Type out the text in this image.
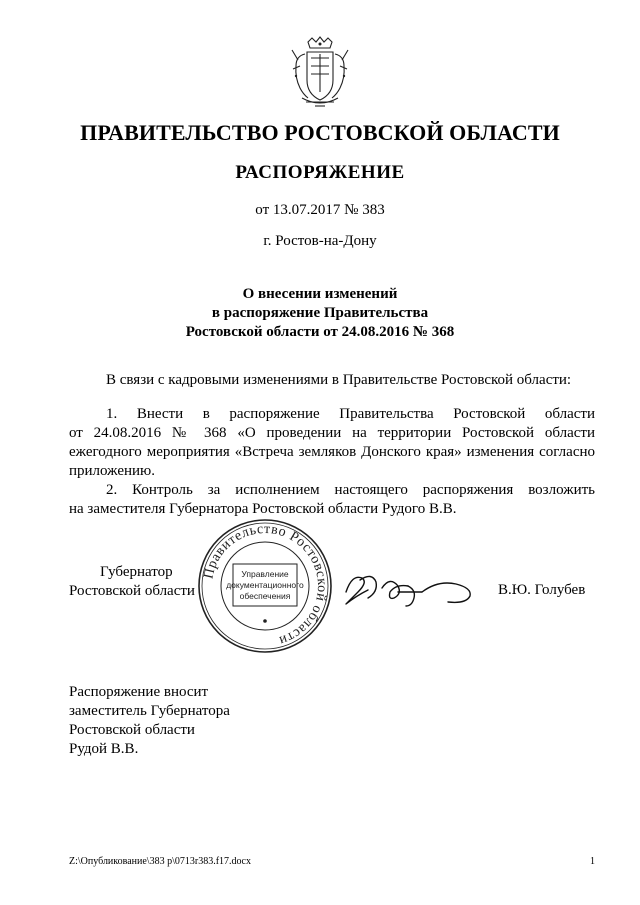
ПРАВИТЕЛЬСТВО РОСТОВСКОЙ ОБЛАСТИ
РАСПОРЯЖЕНИЕ
от 13.07.2017 № 383
г. Ростов-на-Дону
О внесении изменений
в распоряжение Правительства
Ростовской области от 24.08.2016 № 368
В связи с кадровыми изменениями в Правительстве Ростовской области:
1. Внести в распоряжение Правительства Ростовской области
от 24.08.2016 № 368 «О проведении на территории Ростовской области
ежегодного мероприятия «Встреча земляков Донского края» изменения согласно
приложению.
2. Контроль за исполнением настоящего распоряжения возложить
на заместителя Губернатора Ростовской области Рудого В.В.
Губернатор
Ростовской области
Правительство Ростовской области
Управление
документационного
обеспечения	В.Ю. Голубев
Распоряжение вносит
заместитель Губернатора
Ростовской области
Рудой В.В.
Z:\Опубликование\383 р\0713r383.f17.docx	1
